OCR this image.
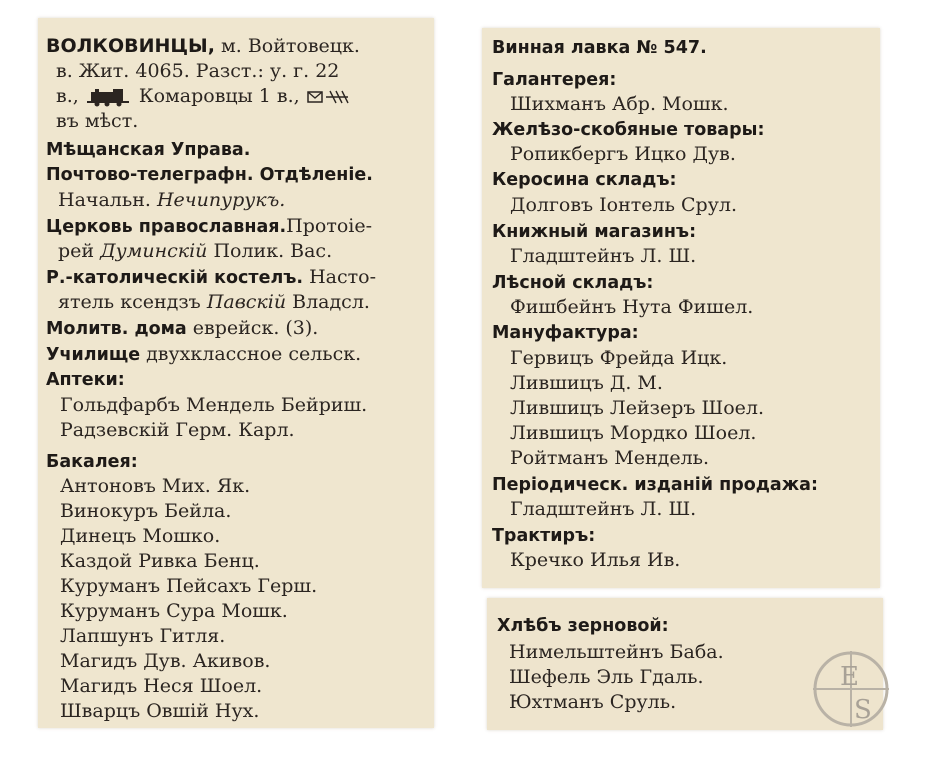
ВОЛКОВИНЦЫ, м. Войтовецк.
в. Жит. 4065. Разст.: у. г. 22
в.,	Комаровцы 1 в.,
въ мѣст.
Мѣщанская Управа.
Почтово-телеграфн. Отдѣленіе.
Начальн. Нечипурукъ.
Церковь православная.Протоіе-
рей Думинскій Полик. Вас.
Р.-католическій костелъ. Насто-
ятель ксендзъ Павскій Владсл.
Молитв. дома еврейск. (3).
Училище двухклассное сельск.
Аптеки:
Гольдфарбъ Мендель Бейриш.
Радзевскій Герм. Карл.
Бакалея:
Антоновъ Мих. Як.
Винокуръ Бейла.
Динецъ Мошко.
Каздой Ривка Бенц.
Куруманъ Пейсахъ Герш.
Куруманъ Сура Мошк.
Лапшунъ Гитля.
Магидъ Дув. Акивов.
Магидъ Неся Шоел.
Шварцъ Овшій Нух.
Винная лавка № 547.
Галантерея:
Шихманъ Абр. Мошк.
Желѣзо-скобяные товары:
Ропикбергъ Ицко Дув.
Керосина складъ:
Долговъ Іонтель Срул.
Книжный магазинъ:
Гладштейнъ Л. Ш.
Лѣсной складъ:
Фишбейнъ Нута Фишел.
Мануфактура:
Гервицъ Фрейда Ицк.
Лившицъ Д. М.
Лившицъ Лейзеръ Шоел.
Лившицъ Мордко Шоел.
Ройтманъ Мендель.
Періодическ. изданій продажа:
Гладштейнъ Л. Ш.
Трактиръ:
Кречко Илья Ив.
Хлѣбъ зерновой:
Нимельштейнъ Баба.
Шефель Эль Гдаль.
Юхтманъ Сруль.
E
S
